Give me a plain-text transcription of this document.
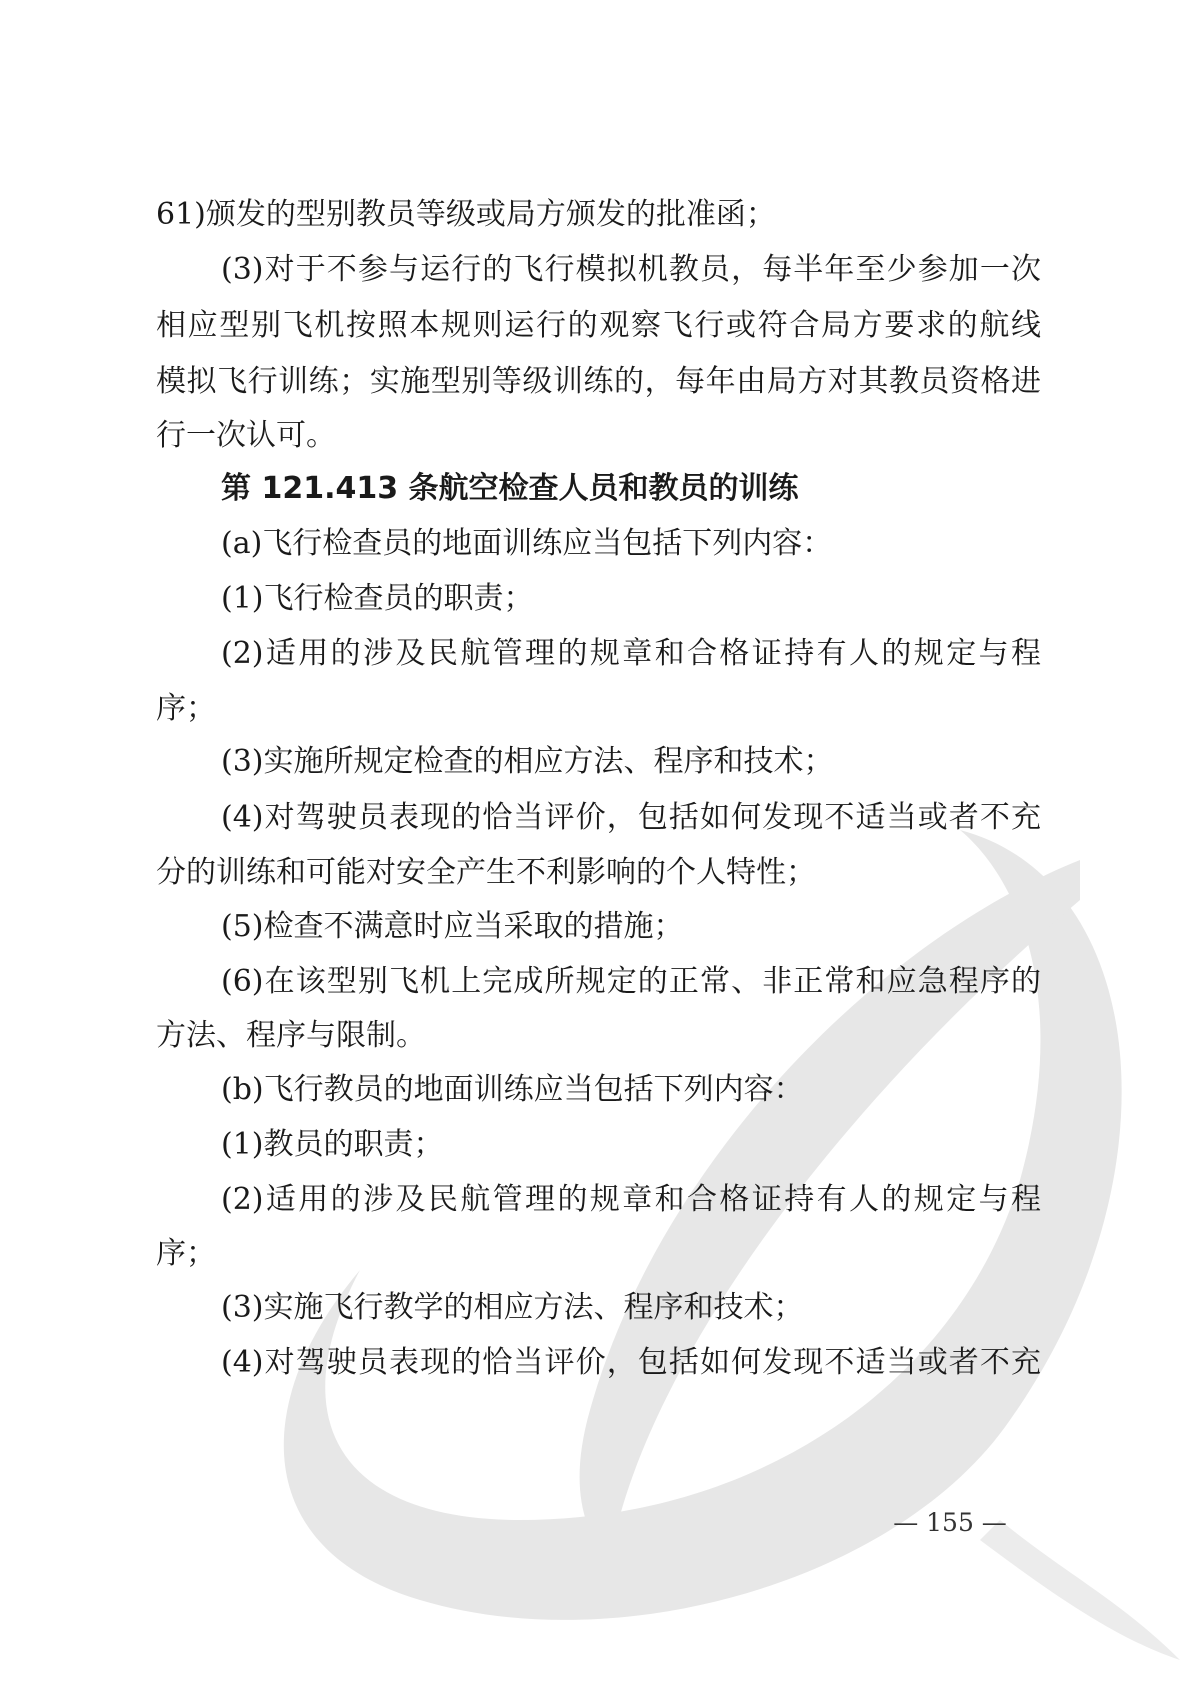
61)颁发的型别教员等级或局方颁发的批准函；
(3)对于不参与运行的飞行模拟机教员，每半年至少参加一次
相应型别飞机按照本规则运行的观察飞行或符合局方要求的航线
模拟飞行训练；实施型别等级训练的，每年由局方对其教员资格进
行一次认可。
第 121.413 条航空检查人员和教员的训练
(a)飞行检查员的地面训练应当包括下列内容：
(1)飞行检查员的职责；
(2)适用的涉及民航管理的规章和合格证持有人的规定与程
序；
(3)实施所规定检查的相应方法、程序和技术；
(4)对驾驶员表现的恰当评价，包括如何发现不适当或者不充
分的训练和可能对安全产生不利影响的个人特性；
(5)检查不满意时应当采取的措施；
(6)在该型别飞机上完成所规定的正常、非正常和应急程序的
方法、程序与限制。
(b)飞行教员的地面训练应当包括下列内容：
(1)教员的职责；
(2)适用的涉及民航管理的规章和合格证持有人的规定与程
序；
(3)实施飞行教学的相应方法、程序和技术；
(4)对驾驶员表现的恰当评价，包括如何发现不适当或者不充
— 155 —
